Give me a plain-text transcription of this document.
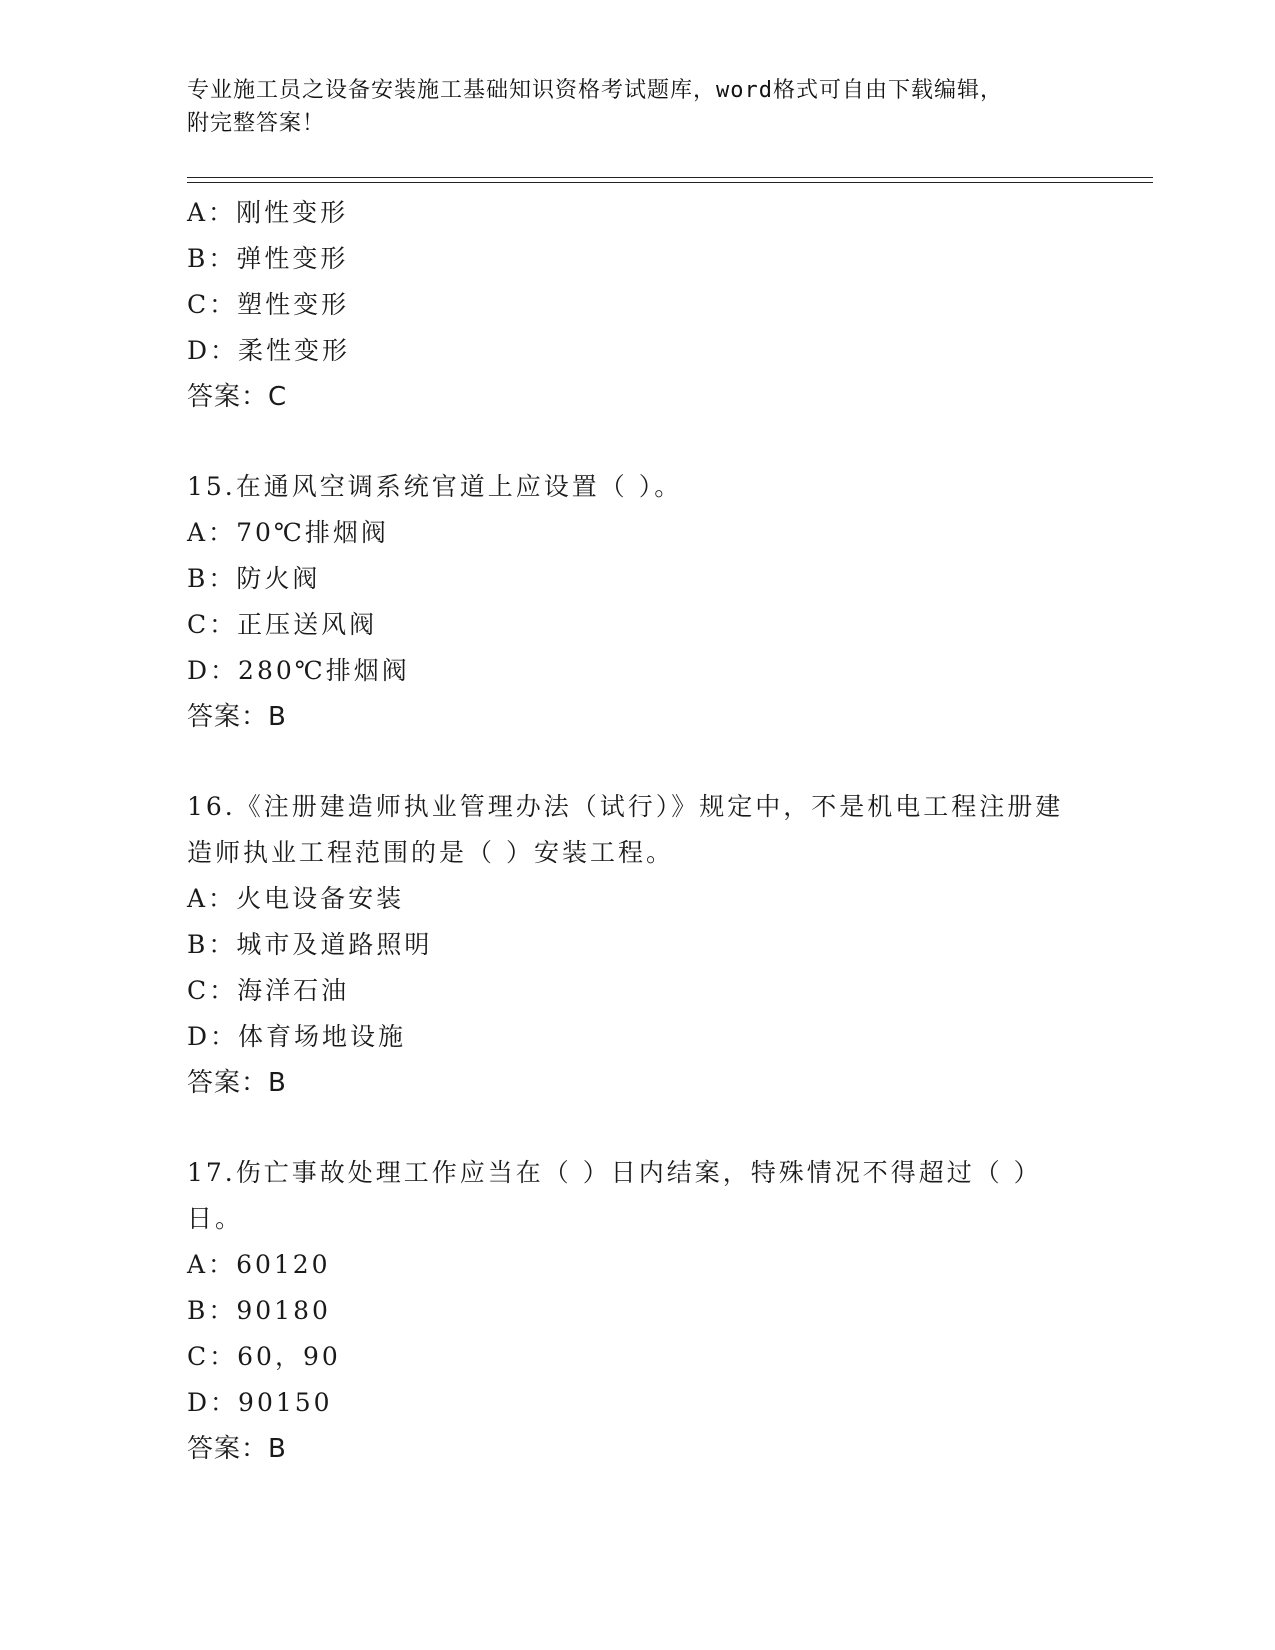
专业施工员之设备安装施工基础知识资格考试题库，word格式可自由下载编辑，
附完整答案！
A：刚性变形
B：弹性变形
C：塑性变形
D：柔性变形
答案：C
15.在通风空调系统官道上应设置（ ）。
A：70℃排烟阀
B：防火阀
C：正压送风阀
D：280℃排烟阀
答案：B
16.《注册建造师执业管理办法（试行）》规定中，不是机电工程注册建造师执业工程范围的是（ ）安装工程。
A：火电设备安装
B：城市及道路照明
C：海洋石油
D：体育场地设施
答案：B
17.伤亡事故处理工作应当在（ ）日内结案，特殊情况不得超过（ ）日。
A：60120
B：90180
C：60，90
D：90150
答案：B
